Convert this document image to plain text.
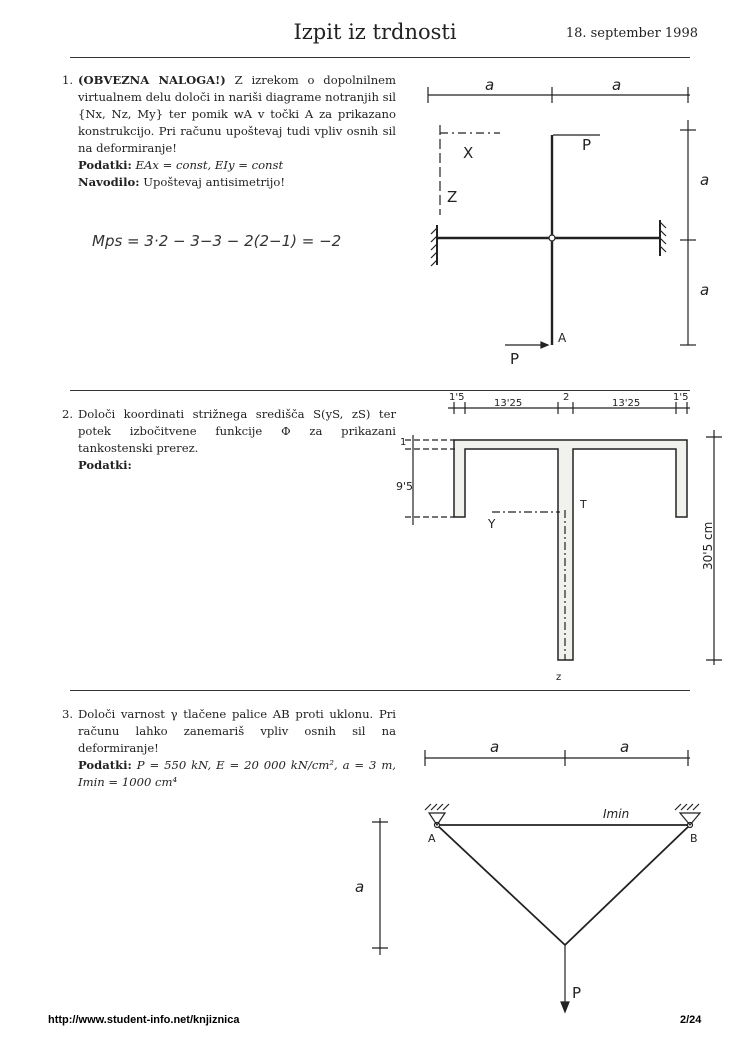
Izpit iz trdnosti	18. september 1998
1. (OBVEZNA NALOGA!) Z izrekom o dopolnilnem virtualnem delu določi in nariši diagrame notranjih sil {Nx, Nz, My} ter pomik wA v točki A za prikazano konstrukcijo. Pri računu upoštevaj tudi vpliv osnih sil na deformiranje!
Podatki: EAx = const, EIy = const
Navodilo: Upoštevaj antisimetrijo!
Mps = 3·2 − 3−3 − 2(2−1) = −2
2. Določi koordinati strižnega središča S(yS, zS) ter potek izbočitvene funkcije Φ za prikazani tankostenski prerez.
Podatki:
3. Določi varnost γ tlačene palice AB proti uklonu. Pri računu lahko zanemariš vpliv osnih sil na deformiranje!
Podatki: P = 550 kN, E = 20 000 kN/cm², a = 3 m, Imin = 1000 cm⁴
a	a
a
a
X
Z
P
P
A
1'5
13'25
2
13'25
1'5
1
9'5
30'5 cm
Y
T
z
a	a
A	B
Imin
P
a
http://www.student-info.net/knjiznica	2/24
